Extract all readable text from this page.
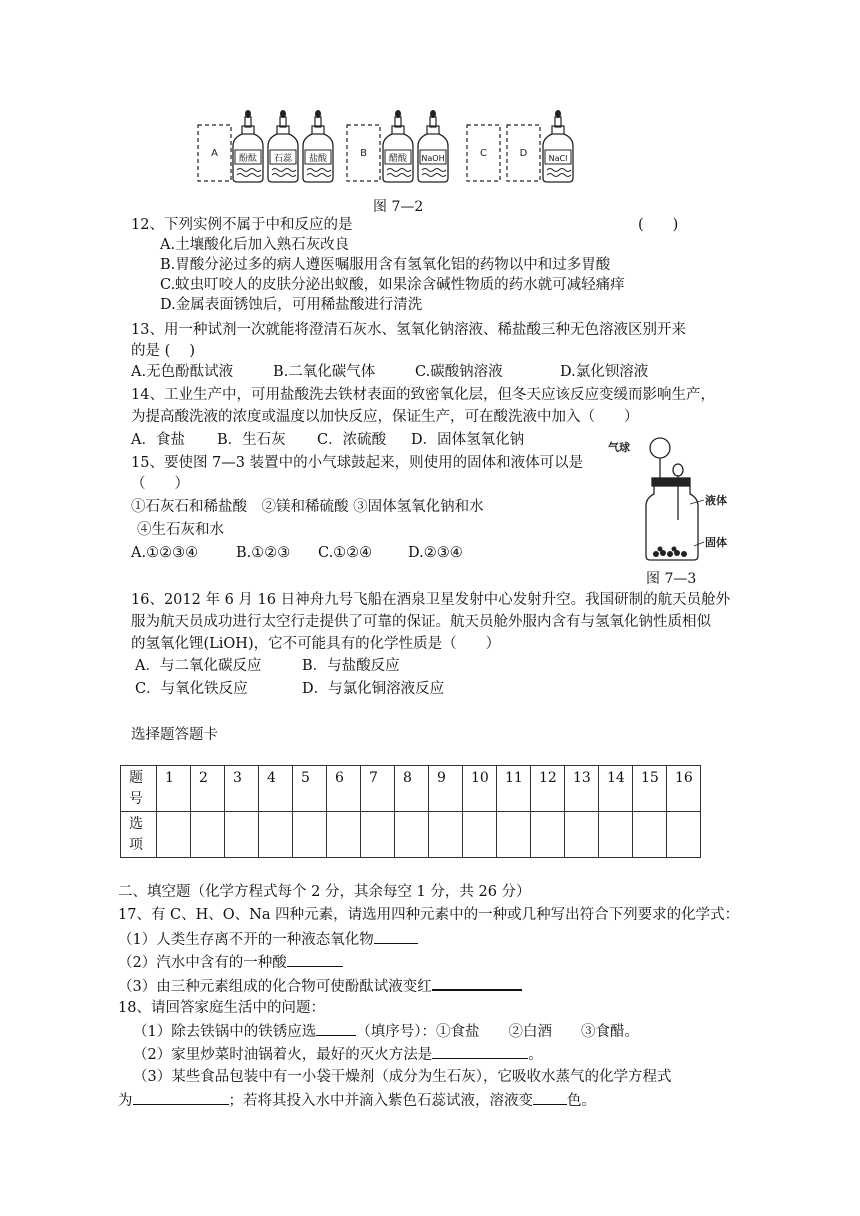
酚酞 石蕊 盐酸	醋酸 NaOH	NaCl
A	B	C	D
图 7—2
12、下列实例不属于中和反应的是	(　　)
A.土壤酸化后加入熟石灰改良
B.胃酸分泌过多的病人遵医嘱服用含有氢氧化铝的药物以中和过多胃酸
C.蚊虫叮咬人的皮肤分泌出蚁酸，如果涂含碱性物质的药水就可减轻痛痒
D.金属表面锈蚀后，可用稀盐酸进行清洗
13、用一种试剂一次就能将澄清石灰水、氢氧化钠溶液、稀盐酸三种无色溶液区别开来
的是 (　 )
A.无色酚酞试液	B.二氧化碳气体	C.碳酸钠溶液	D.氯化钡溶液
14、工业生产中，可用盐酸洗去铁材表面的致密氧化层，但冬天应该反应变缓而影响生产，
为提高酸洗液的浓度或温度以加快反应，保证生产，可在酸洗液中加入（　　）
A．食盐 B．生石灰 C．浓硫酸 D．固体氢氧化钠
15、要使图 7—3 装置中的小气球鼓起来，则使用的固体和液体可以是
（　　）
①石灰石和稀盐酸　②镁和稀硫酸 ③固体氢氧化钠和水
④生石灰和水
A.①②③④	B.①②③ C.①②④ D.②③④
气球
液体
固体
图 7—3
16、2012 年 6 月 16 日神舟九号飞船在酒泉卫星发射中心发射升空。我国研制的航天员舱外
服为航天员成功进行太空行走提供了可靠的保证。航天员舱外服内含有与氢氧化钠性质相似
的氢氧化锂(LiOH)，它不可能具有的化学性质是（　　）
A．与二氧化碳反应	B．与盐酸反应
C．与氧化铁反应	D．与氯化铜溶液反应
选择题答题卡
题
号	1	2	3	4	5	6	7	8	9	10	11	12	13	14	15	16
选
项																
二、填空题（化学方程式每个 2 分，其余每空 1 分，共 26 分）
17、有 C、H、O、Na 四种元素，请选用四种元素中的一种或几种写出符合下列要求的化学式：
（1）人类生存离不开的一种液态氧化物
（2）汽水中含有的一种酸
（3）由三种元素组成的化合物可使酚酞试液变红
18、请回答家庭生活中的问题：
（1）除去铁锅中的铁锈应选	（填序号）：①食盐　　②白酒　　③食醋。
（2）家里炒菜时油锅着火，最好的灭火方法是	。
（3）某些食品包装中有一小袋干燥剂（成分为生石灰），它吸收水蒸气的化学方程式
为	；若将其投入水中并滴入紫色石蕊试液，溶液变 色。
